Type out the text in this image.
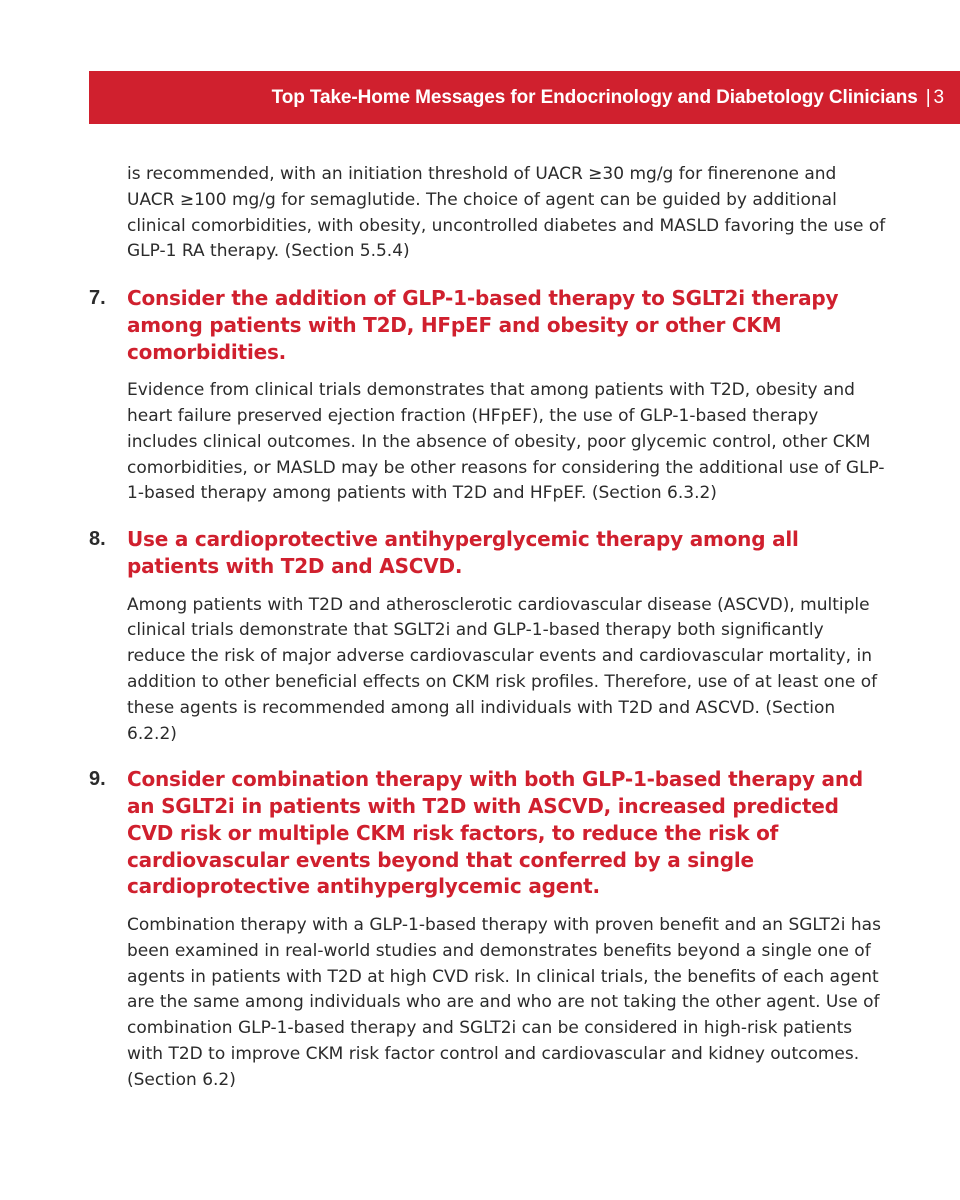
Top Take-Home Messages for Endocrinology and Diabetology Clinicians | 3

is recommended, with an initiation threshold of UACR ≥30 mg/g for finerenone and UACR ≥100 mg/g for semaglutide. The choice of agent can be guided by additional clinical comorbidities, with obesity, uncontrolled diabetes and MASLD favoring the use of GLP-1 RA therapy. (Section 5.5.4)

7. Consider the addition of GLP-1-based therapy to SGLT2i therapy among patients with T2D, HFpEF and obesity or other CKM comorbidities.

Evidence from clinical trials demonstrates that among patients with T2D, obesity and heart failure preserved ejection fraction (HFpEF), the use of GLP-1-based therapy includes clinical outcomes. In the absence of obesity, poor glycemic control, other CKM comorbidities, or MASLD may be other reasons for considering the additional use of GLP-1-based therapy among patients with T2D and HFpEF. (Section 6.3.2)

8. Use a cardioprotective antihyperglycemic therapy among all patients with T2D and ASCVD.

Among patients with T2D and atherosclerotic cardiovascular disease (ASCVD), multiple clinical trials demonstrate that SGLT2i and GLP-1-based therapy both significantly reduce the risk of major adverse cardiovascular events and cardiovascular mortality, in addition to other beneficial effects on CKM risk profiles. Therefore, use of at least one of these agents is recommended among all individuals with T2D and ASCVD. (Section 6.2.2)

9. Consider combination therapy with both GLP-1-based therapy and an SGLT2i in patients with T2D with ASCVD, increased predicted CVD risk or multiple CKM risk factors, to reduce the risk of cardiovascular events beyond that conferred by a single cardioprotective antihyperglycemic agent.

Combination therapy with a GLP-1-based therapy with proven benefit and an SGLT2i has been examined in real-world studies and demonstrates benefits beyond a single one of agents in patients with T2D at high CVD risk. In clinical trials, the benefits of each agent are the same among individuals who are and who are not taking the other agent. Use of combination GLP-1-based therapy and SGLT2i can be considered in high-risk patients with T2D to improve CKM risk factor control and cardiovascular and kidney outcomes. (Section 6.2)
